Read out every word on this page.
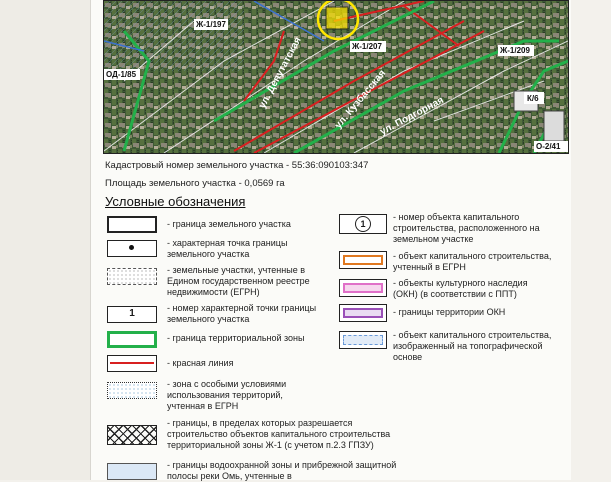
ул. Депутатская	ул. Кузбасская
ул. Подгорная
Ж-1/197
Ж-1/207	Ж-1/209
ОД-1/85
О-2/41
К/6
Кадастровый номер земельного участка - 55:36:090103:347
Площадь земельного участка - 0,0569 га
Условные обозначения
- граница земельного участка
- характерная точка границы земельного участка
- земельные участки, учтенные в Едином государственном реестре недвижимости (ЕГРН)
1
-	номер характерной точки границы земельного участка
- граница территориальной зоны
- красная линия
- зона с особыми условиями использования территорий, учтенная в ЕГРН
- границы, в пределах которых разрешается строительство объектов капитального строительства территориальной зоны Ж-1 (с учетом п.2.3 ГПЗУ)
- границы водоохранной зоны и прибрежной защитной полосы реки Омь, учтенные в
1
- номер объекта капитального строительства, расположенного на земельном участке
- объект капитального строительства, учтенный в ЕГРН
- объекты культурного наследия (ОКН) (в соответствии с ППТ)
- границы территории ОКН
- объект капитального строительства, изображенный на топографической основе
